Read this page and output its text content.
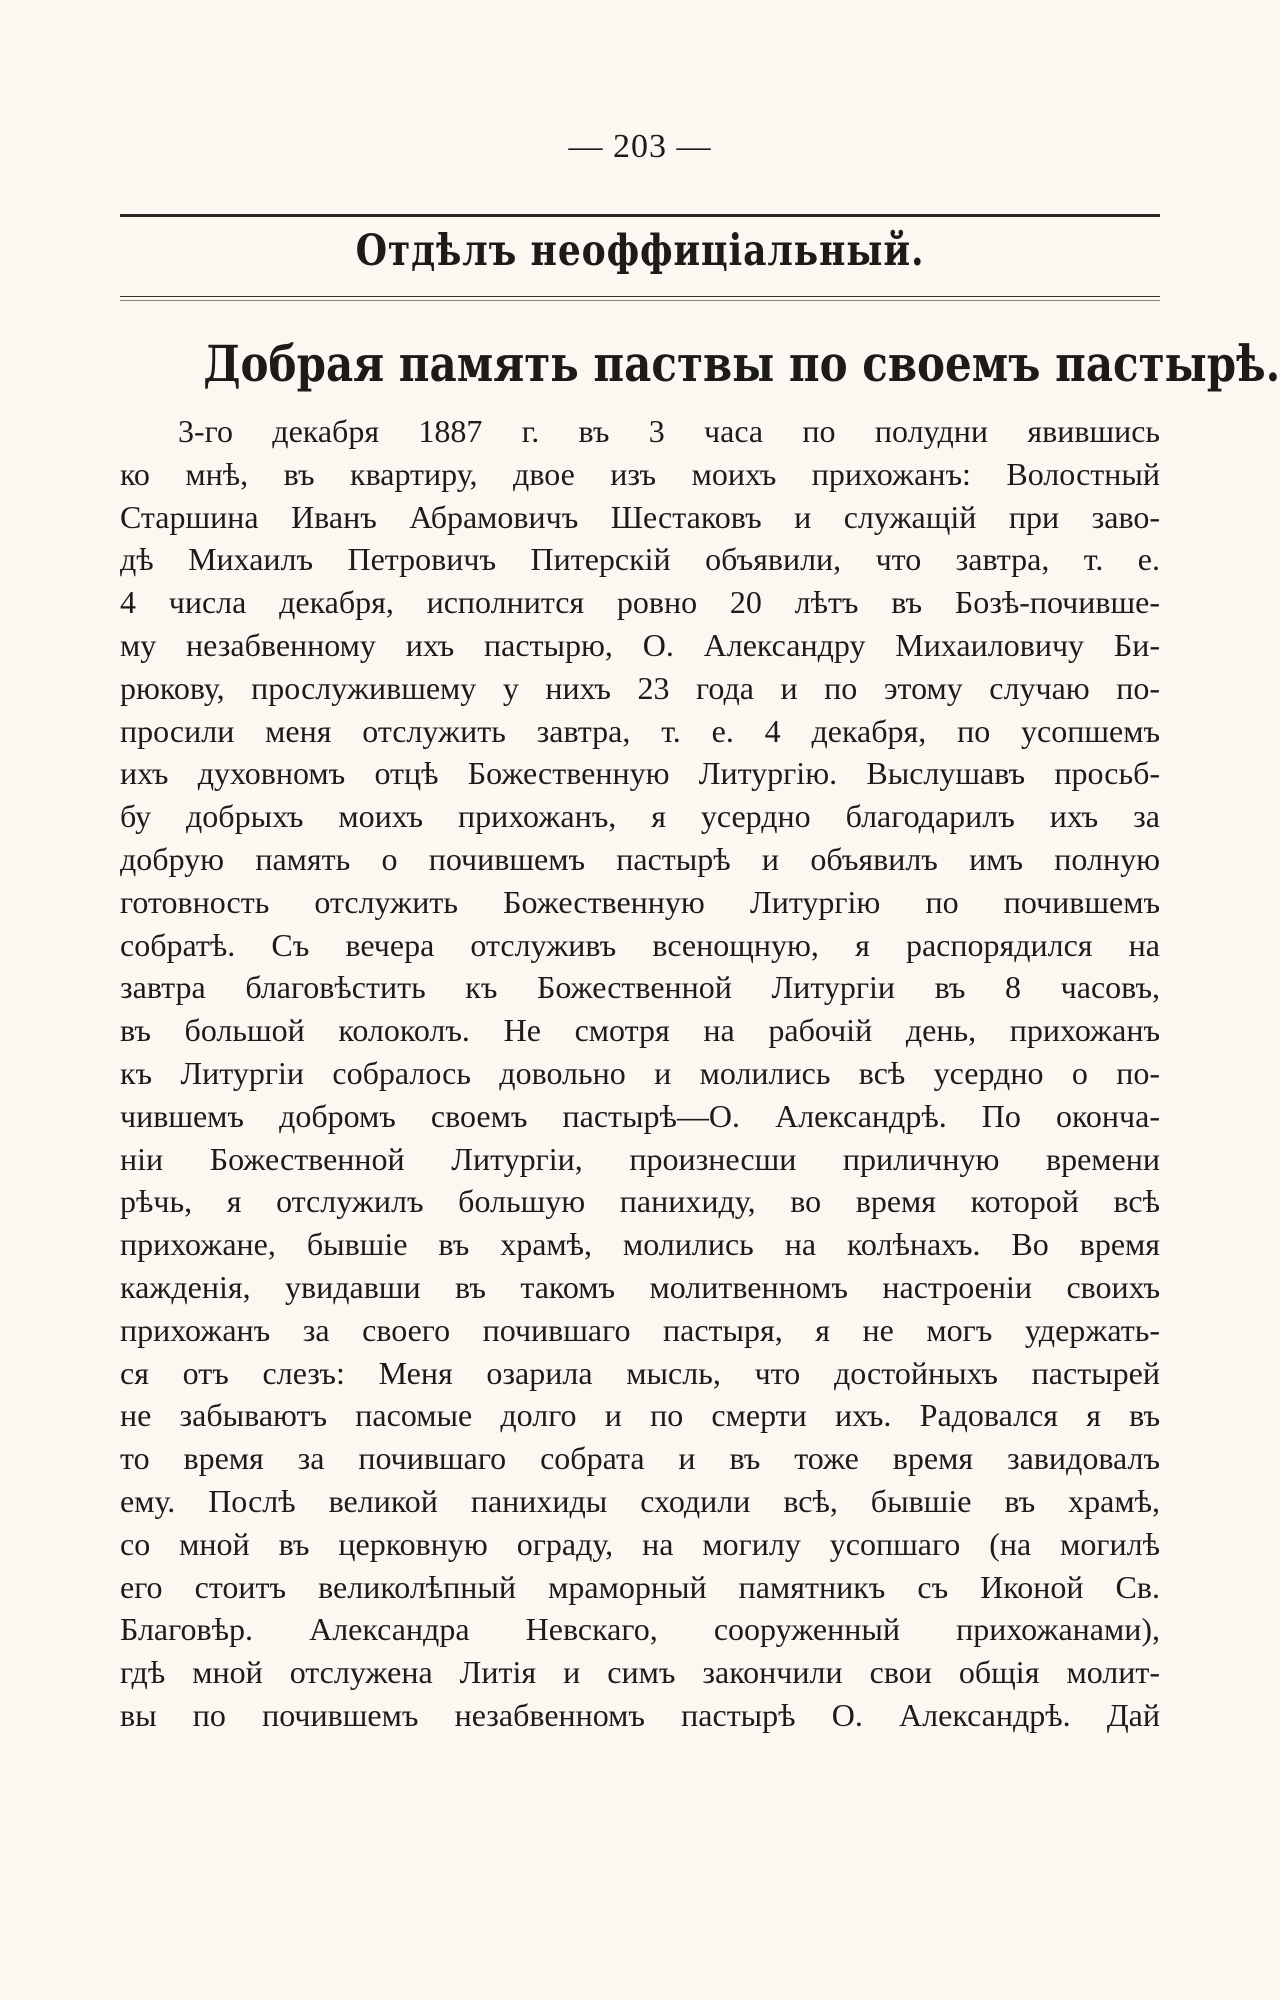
— 203 —
Отдѣлъ неоффиціальный.
Добрая память паствы по своемъ пастырѣ.
3-го декабря 1887 г. въ 3 часа по полудни явившись
ко мнѣ, въ квартиру, двое изъ моихъ прихожанъ: Волостный
Старшина Иванъ Абрамовичъ Шестаковъ и служащій при заво-
дѣ Михаилъ Петровичъ Питерскій объявили, что завтра, т. е.
4 числа декабря, исполнится ровно 20 лѣтъ въ Бозѣ-почивше-
му незабвенному ихъ пастырю, О. Александру Михаиловичу Би-
рюкову, прослужившему у нихъ 23 года и по этому случаю по-
просили меня отслужить завтра, т. е. 4 декабря, по усопшемъ
ихъ духовномъ отцѣ Божественную Литургію. Выслушавъ просьб-
бу добрыхъ моихъ прихожанъ, я усердно благодарилъ ихъ за
добрую память о почившемъ пастырѣ и объявилъ имъ полную
готовность отслужить Божественную Литургію по почившемъ
собратѣ. Съ вечера отслуживъ всенощную, я распорядился на
завтра благовѣстить къ Божественной Литургіи въ 8 часовъ,
въ большой колоколъ. Не смотря на рабочій день, прихожанъ
къ Литургіи собралось довольно и молились всѣ усердно о по-
чившемъ добромъ своемъ пастырѣ—О. Александрѣ. По оконча-
ніи Божественной Литургіи, произнесши приличную времени
рѣчь, я отслужилъ большую панихиду, во время которой всѣ
прихожане, бывшіе въ храмѣ, молились на колѣнахъ. Во время
кажденія, увидавши въ такомъ молитвенномъ настроеніи своихъ
прихожанъ за своего почившаго пастыря, я не могъ удержать-
ся отъ слезъ: Меня озарила мысль, что достойныхъ пастырей
не забываютъ пасомые долго и по смерти ихъ. Радовался я въ
то время за почившаго собрата и въ тоже время завидовалъ
ему. Послѣ великой панихиды сходили всѣ, бывшіе въ храмѣ,
со мной въ церковную ограду, на могилу усопшаго (на могилѣ
его стоитъ великолѣпный мраморный памятникъ съ Иконой Св.
Благовѣр. Александра Невскаго, сооруженный прихожанами),
гдѣ мной отслужена Литія и симъ закончили свои общія молит-
вы по почившемъ незабвенномъ пастырѣ О. Александрѣ. Дай
